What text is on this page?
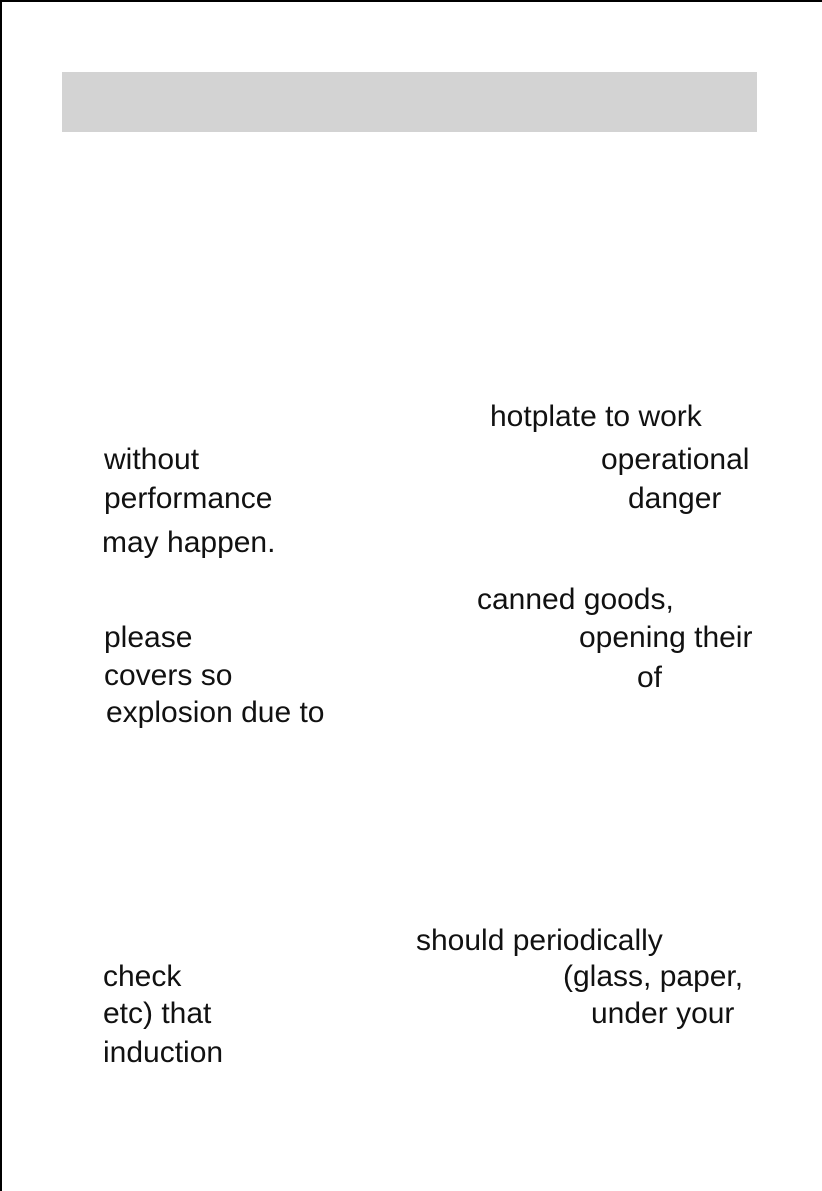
hotplate to work
without	operational
performance	danger
may happen.
canned goods,
please	opening their
covers so	of
explosion due to
should periodically
check	(glass, paper,
etc) that	under your
induction
